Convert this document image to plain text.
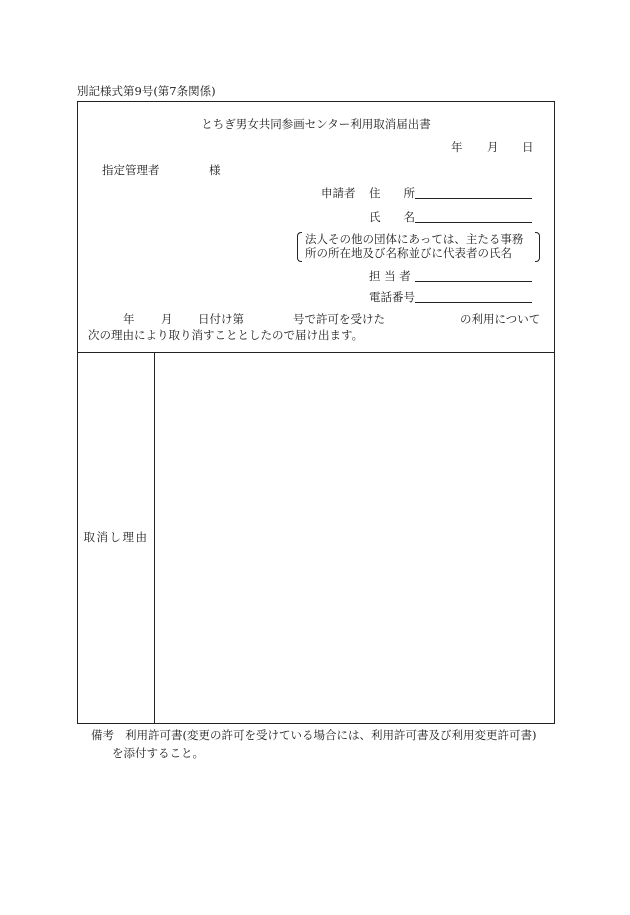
別記様式第9号(第7条関係)
とちぎ男女共同参画センター利用取消届出書
年 月 日
指定管理者	様
申請者 住　　所
氏　　名
法人その他の団体にあっては、主たる事務
所の所在地及び名称並びに代表者の氏名
担 当 者
電話番号
年 月 日付け第	号で許可を受けた	の利用について
次の理由により取り消すこととしたので届け出ます。
取消し理由
備考 利用許可書(変更の許可を受けている場合には、利用許可書及び利用変更許可書)
を添付すること。
